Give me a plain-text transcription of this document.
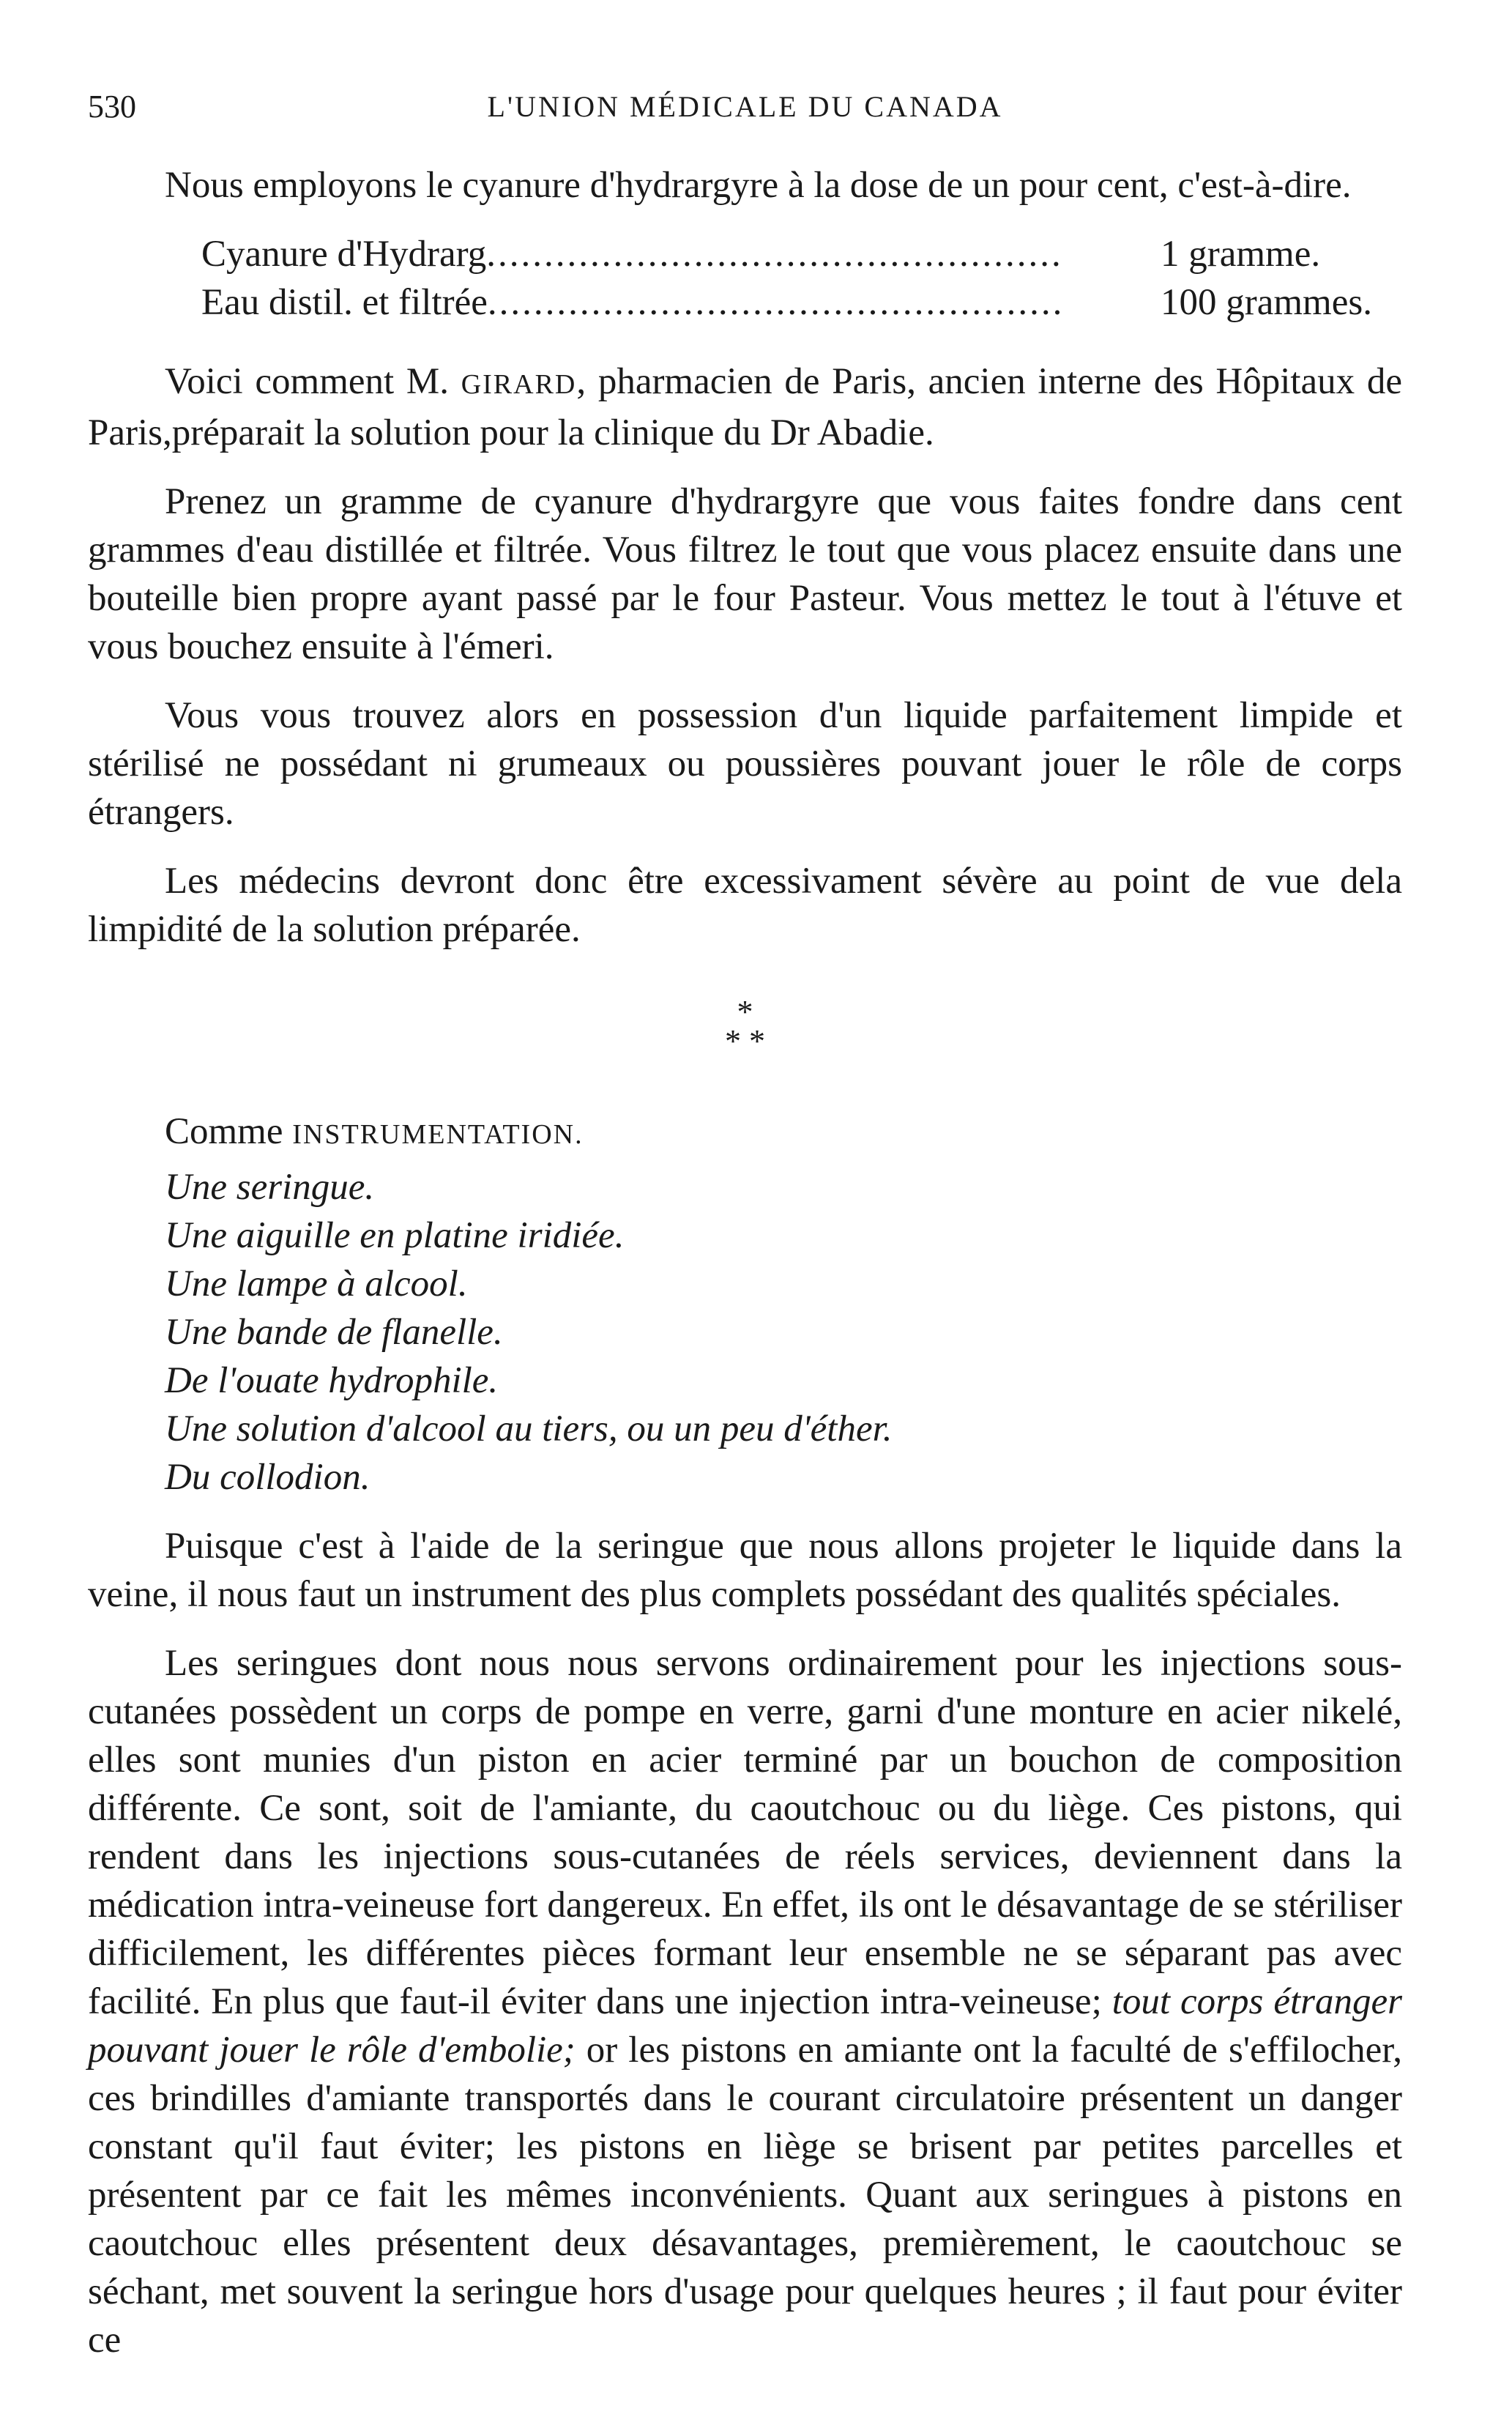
530	L'UNION MÉDICALE DU CANADA

Nous employons le cyanure d'hydrargyre à la dose de un pour cent, c'est-à-dire.

Cyanure d'Hydrarg ..................................................	1 gramme.
Eau distil. et filtrée ..................................................	100 grammes.

Voici comment M. GIRARD, pharmacien de Paris, ancien interne des Hôpitaux de Paris,préparait la solution pour la clinique du Dr Abadie.

Prenez un gramme de cyanure d'hydrargyre que vous faites fondre dans cent grammes d'eau distillée et filtrée. Vous filtrez le tout que vous placez ensuite dans une bouteille bien propre ayant passé par le four Pasteur. Vous mettez le tout à l'étuve et vous bouchez ensuite à l'émeri.

Vous vous trouvez alors en possession d'un liquide parfaitement limpide et stérilisé ne possédant ni grumeaux ou poussières pouvant jouer le rôle de corps étrangers.

Les médecins devront donc être excessivament sévère au point de vue dela limpidité de la solution préparée.

*
* *
Comme INSTRUMENTATION.
Une seringue.
Une aiguille en platine iridiée.
Une lampe à alcool.
Une bande de flanelle.
De l'ouate hydrophile.
Une solution d'alcool au tiers, ou un peu d'éther.
Du collodion.

Puisque c'est à l'aide de la seringue que nous allons projeter le liquide dans la veine, il nous faut un instrument des plus complets possédant des qualités spéciales.

Les seringues dont nous nous servons ordinairement pour les injections sous-cutanées possèdent un corps de pompe en verre, garni d'une monture en acier nikelé, elles sont munies d'un piston en acier terminé par un bouchon de composition différente. Ce sont, soit de l'amiante, du caoutchouc ou du liège. Ces pistons, qui rendent dans les injections sous-cutanées de réels services, deviennent dans la médication intra-veineuse fort dangereux. En effet, ils ont le désavantage de se stériliser difficilement, les différentes pièces formant leur ensemble ne se séparant pas avec facilité. En plus que faut-il éviter dans une injection intra-veineuse; tout corps étranger pouvant jouer le rôle d'embolie; or les pistons en amiante ont la faculté de s'effilocher, ces brindilles d'amiante transportés dans le courant circulatoire présentent un danger constant qu'il faut éviter; les pistons en liège se brisent par petites parcelles et présentent par ce fait les mêmes inconvénients. Quant aux seringues à pistons en caoutchouc elles présentent deux désavantages, premièrement, le caoutchouc se séchant, met souvent la seringue hors d'usage pour quelques heures ; il faut pour éviter ce
